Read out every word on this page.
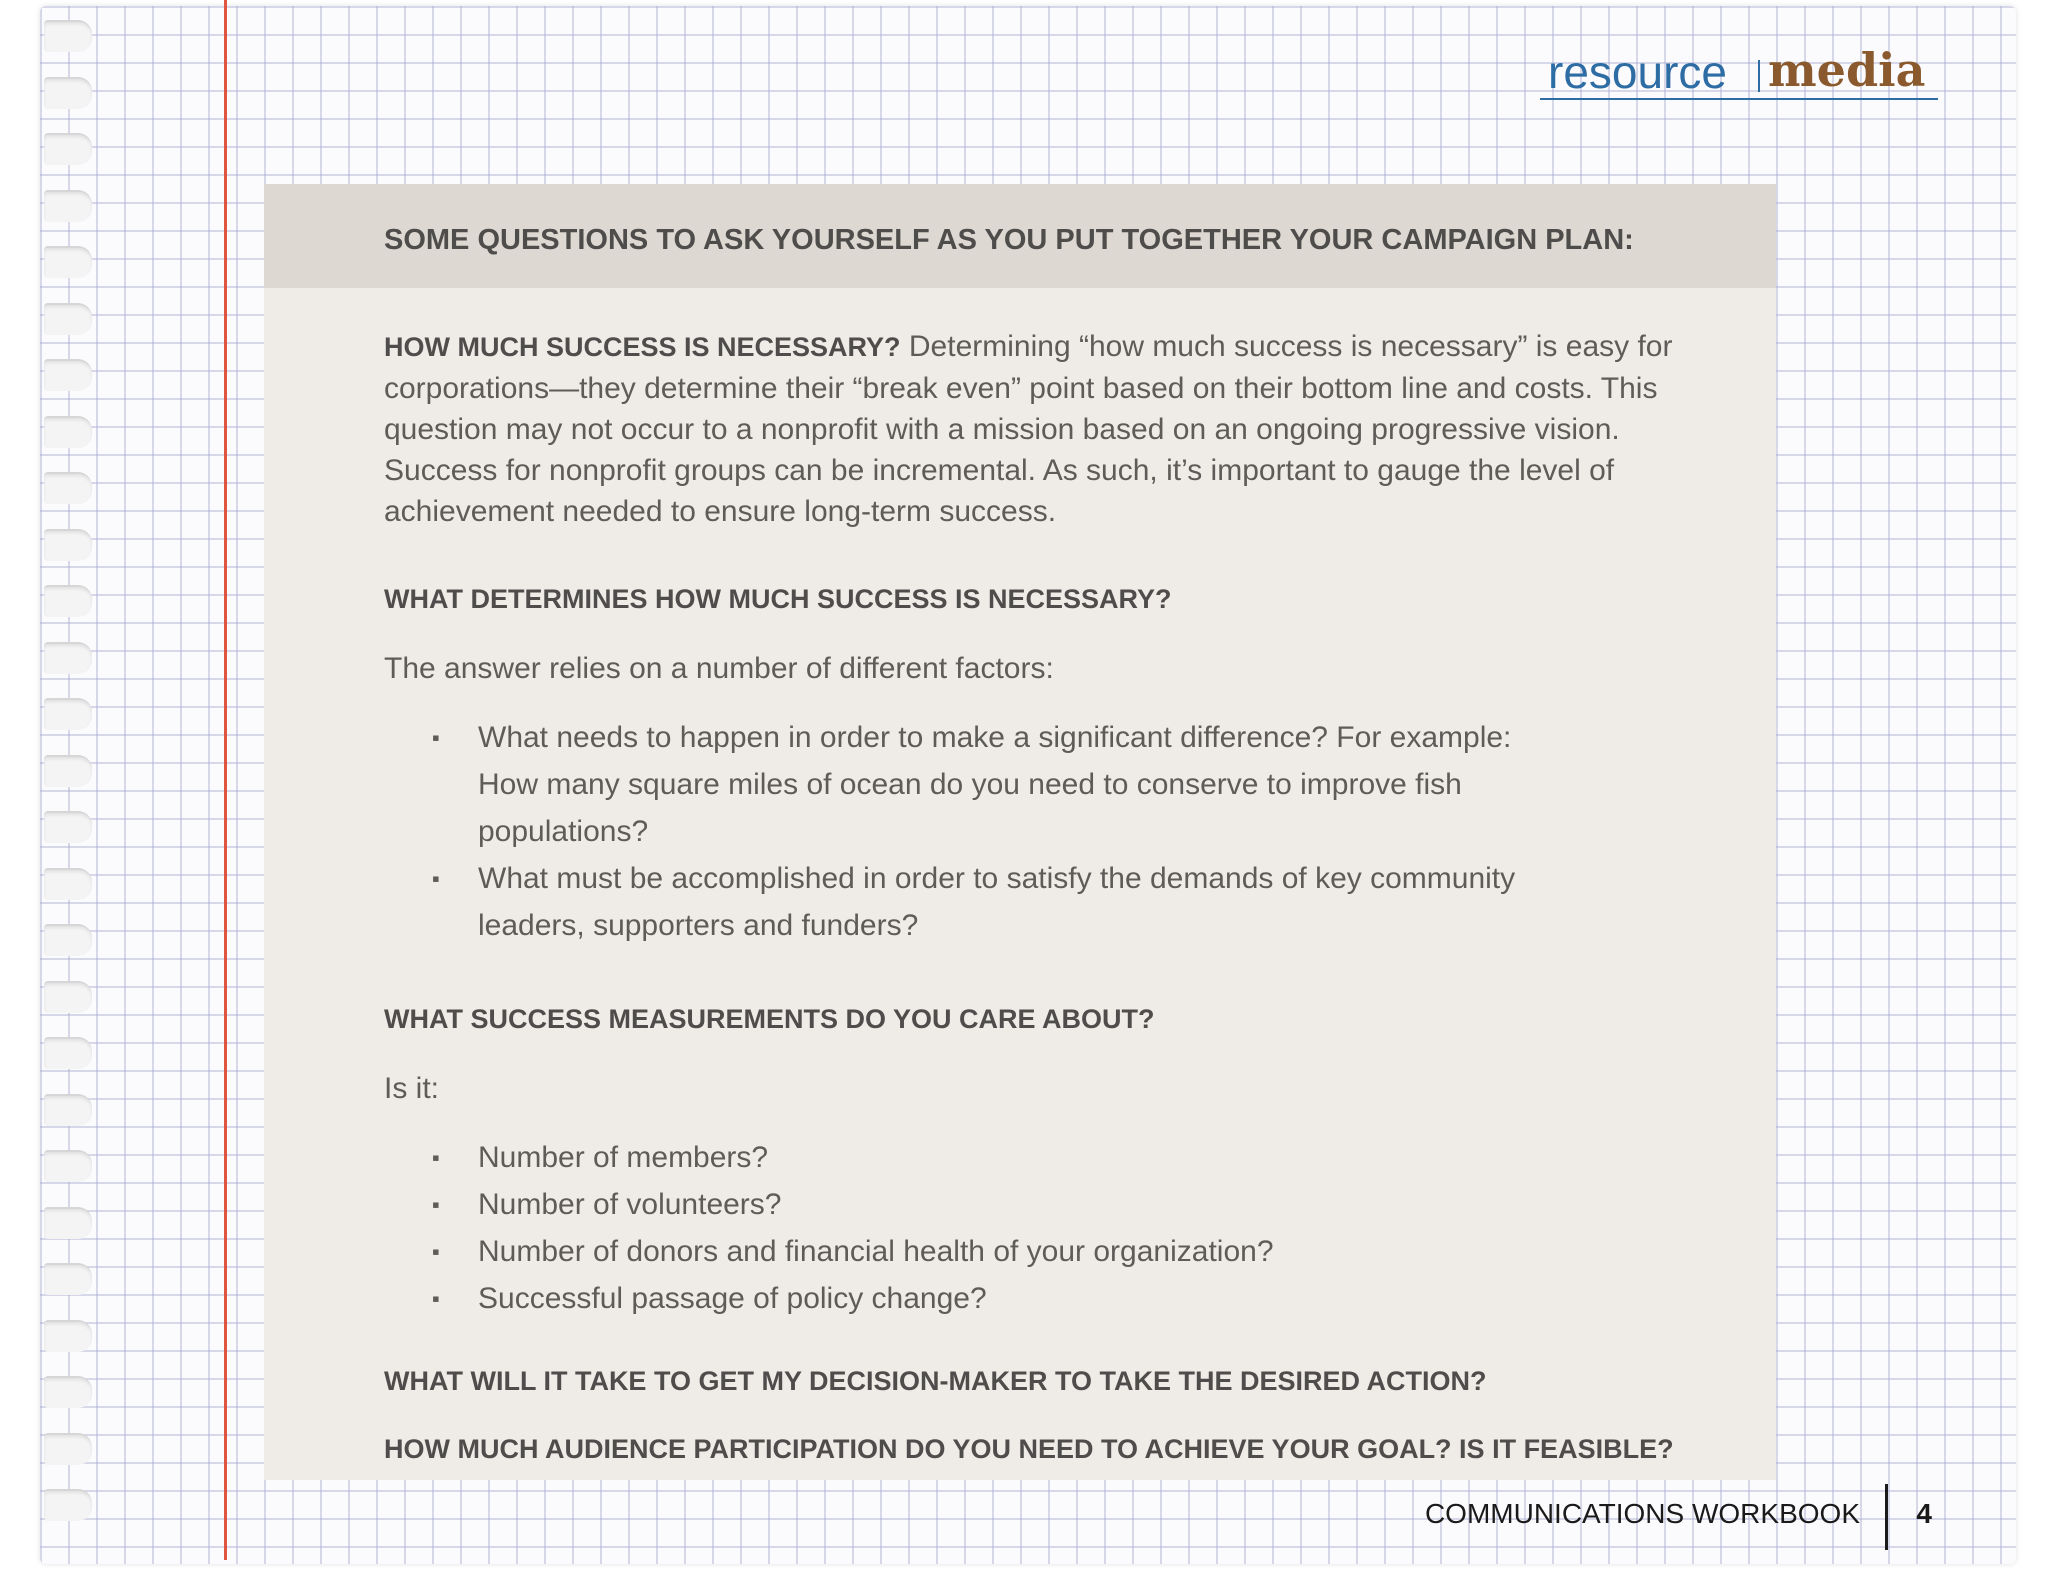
resource media
SOME QUESTIONS TO ASK YOURSELF AS YOU PUT TOGETHER YOUR CAMPAIGN PLAN:

HOW MUCH SUCCESS IS NECESSARY? Determining “how much success is necessary” is easy for corporations—they determine their “break even” point based on their bottom line and costs. This question may not occur to a nonprofit with a mission based on an ongoing progressive vision. Success for nonprofit groups can be incremental. As such, it’s important to gauge the level of achievement needed to ensure long-term success.

WHAT DETERMINES HOW MUCH SUCCESS IS NECESSARY?
The answer relies on a number of different factors:
▪ What needs to happen in order to make a significant difference? For example: How many square miles of ocean do you need to conserve to improve fish populations?
▪ What must be accomplished in order to satisfy the demands of key community leaders, supporters and funders?
WHAT SUCCESS MEASUREMENTS DO YOU CARE ABOUT?
Is it:
▪ Number of members?
▪ Number of volunteers?
▪ Number of donors and financial health of your organization?
▪ Successful passage of policy change?
WHAT WILL IT TAKE TO GET MY DECISION-MAKER TO TAKE THE DESIRED ACTION?
HOW MUCH AUDIENCE PARTICIPATION DO YOU NEED TO ACHIEVE YOUR GOAL? IS IT FEASIBLE?
COMMUNICATIONS WORKBOOK 4
